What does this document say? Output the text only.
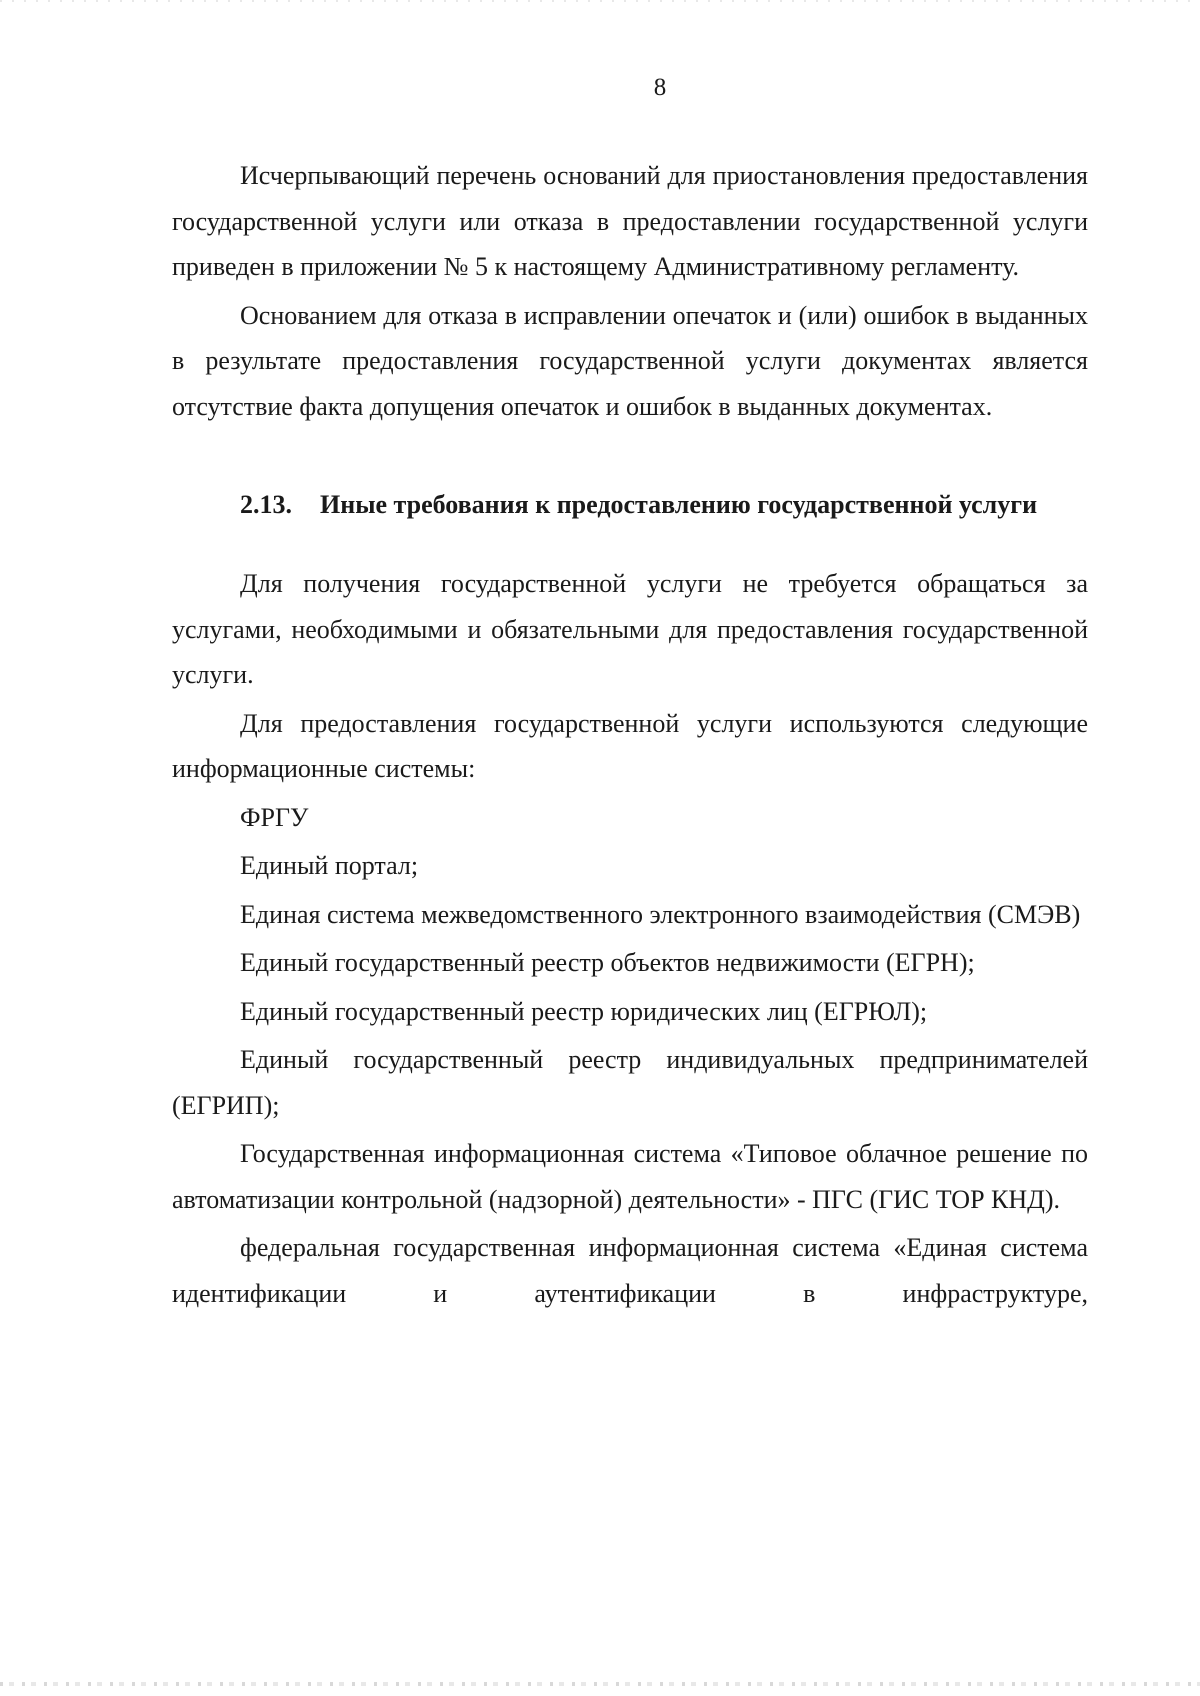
8

Исчерпывающий перечень оснований для приостановления предоставления государственной услуги или отказа в предоставлении государственной услуги приведен в приложении № 5 к настоящему Административному регламенту.

Основанием для отказа в исправлении опечаток и (или) ошибок в выданных в результате предоставления государственной услуги документах является отсутствие факта допущения опечаток и ошибок в выданных документах.

2.13. Иные требования к предоставлению государственной услуги

Для получения государственной услуги не требуется обращаться за услугами, необходимыми и обязательными для предоставления государственной услуги.

Для предоставления государственной услуги используются следующие информационные системы:

ФРГУ

Единый портал;

Единая система межведомственного электронного взаимодействия (СМЭВ)

Единый государственный реестр объектов недвижимости (ЕГРН);

Единый государственный реестр юридических лиц (ЕГРЮЛ);

Единый государственный реестр индивидуальных предпринимателей (ЕГРИП);

Государственная информационная система «Типовое облачное решение по автоматизации контрольной (надзорной) деятельности» - ПГС (ГИС ТОР КНД).

федеральная государственная информационная система «Единая система идентификации и аутентификации в инфраструктуре,
